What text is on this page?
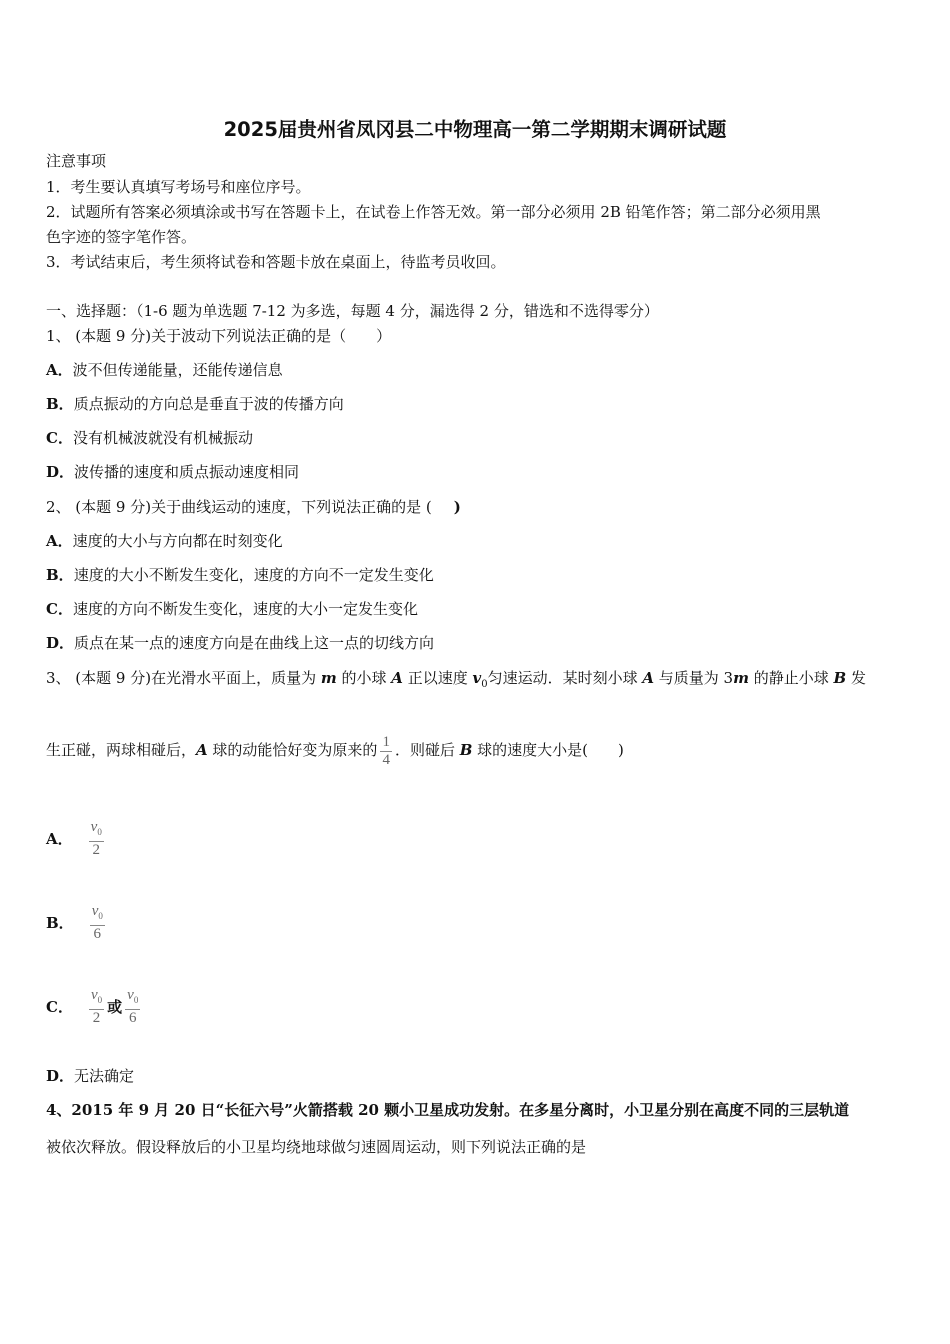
2025届贵州省凤冈县二中物理高一第二学期期末调研试题
注意事项
1．考生要认真填写考场号和座位序号。
2．试题所有答案必须填涂或书写在答题卡上，在试卷上作答无效。第一部分必须用 2B 铅笔作答；第二部分必须用黑
色字迹的签字笔作答。
3．考试结束后，考生须将试卷和答题卡放在桌面上，待监考员收回。
一、选择题：（1-6 题为单选题 7-12 为多选，每题 4 分，漏选得 2 分，错选和不选得零分）
1、 (本题 9 分)关于波动下列说法正确的是（　　）
A．波不但传递能量，还能传递信息
B．质点振动的方向总是垂直于波的传播方向
C．没有机械波就没有机械振动
D．波传播的速度和质点振动速度相同
2、 (本题 9 分)关于曲线运动的速度，下列说法正确的是 ( )
A．速度的大小与方向都在时刻变化
B．速度的大小不断发生变化，速度的方向不一定发生变化
C．速度的方向不断发生变化，速度的大小一定发生变化
D．质点在某一点的速度方向是在曲线上这一点的切线方向
3、 (本题 9 分)在光滑水平面上，质量为 m 的小球 A 正以速度 $v_0$匀速运动．某时刻小球 A 与质量为 3m 的静止小球 B 发
生正碰，两球相碰后，A 球的动能恰好变为原来的 $\frac{1}{4}$ ．则碰后 B 球的速度大小是(　　)
A． $\frac{v_0}{2}$
B． $\frac{v_0}{6}$
C． $\frac{v_0}{2}$ 或 $\frac{v_0}{6}$
D．无法确定
4、2015 年 9 月 20 日“长征六号”火箭搭载 20 颗小卫星成功发射。在多星分离时，小卫星分别在高度不同的三层轨道
被依次释放。假设释放后的小卫星均绕地球做匀速圆周运动，则下列说法正确的是
